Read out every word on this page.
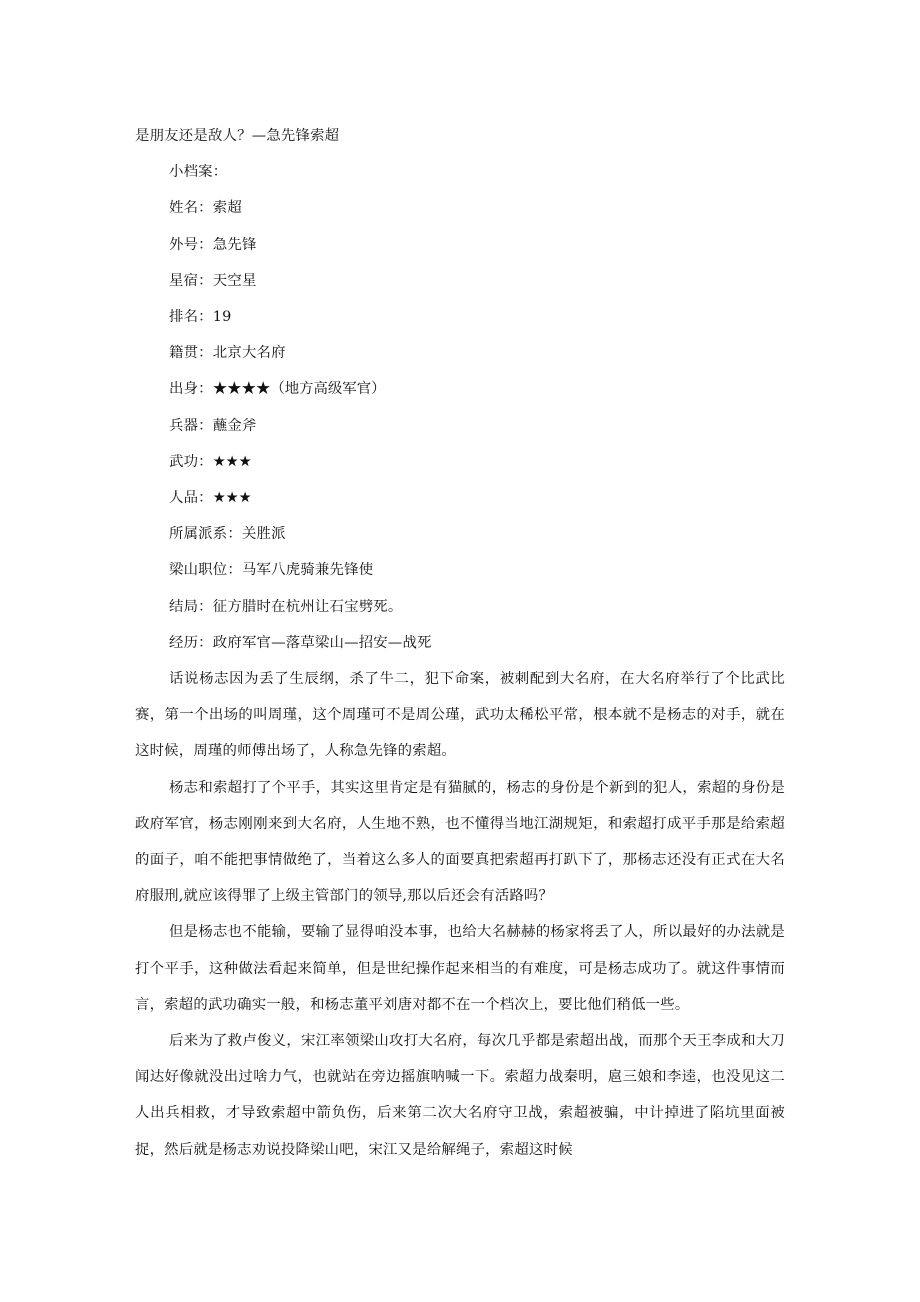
是朋友还是敌人？—急先锋索超

小档案：

姓名：索超

外号：急先锋

星宿：天空星

排名：19

籍贯：北京大名府

出身：★★★★（地方高级军官）

兵器：蘸金斧

武功：★★★

人品：★★★

所属派系：关胜派

梁山职位：马军八虎骑兼先锋使

结局：征方腊时在杭州让石宝劈死。

经历：政府军官—落草梁山—招安—战死

话说杨志因为丢了生辰纲，杀了牛二，犯下命案，被刺配到大名府，在大名府举行了个比武比赛，第一个出场的叫周瑾，这个周瑾可不是周公瑾，武功太稀松平常，根本就不是杨志的对手，就在这时候，周瑾的师傅出场了，人称急先锋的索超。

杨志和索超打了个平手，其实这里肯定是有猫腻的，杨志的身份是个新到的犯人，索超的身份是政府军官，杨志刚刚来到大名府，人生地不熟，也不懂得当地江湖规矩，和索超打成平手那是给索超的面子，咱不能把事情做绝了，当着这么多人的面要真把索超再打趴下了，那杨志还没有正式在大名府服刑,就应该得罪了上级主管部门的领导,那以后还会有活路吗？

但是杨志也不能输，要输了显得咱没本事，也给大名赫赫的杨家将丢了人，所以最好的办法就是打个平手，这种做法看起来简单，但是世纪操作起来相当的有难度，可是杨志成功了。就这件事情而言，索超的武功确实一般，和杨志董平刘唐对都不在一个档次上，要比他们稍低一些。

后来为了救卢俊义，宋江率领梁山攻打大名府，每次几乎都是索超出战，而那个天王李成和大刀闻达好像就没出过啥力气，也就站在旁边摇旗呐喊一下。索超力战秦明，扈三娘和李逵，也没见这二人出兵相救，才导致索超中箭负伤，后来第二次大名府守卫战，索超被骗，中计掉进了陷坑里面被捉，然后就是杨志劝说投降梁山吧，宋江又是给解绳子，索超这时候
